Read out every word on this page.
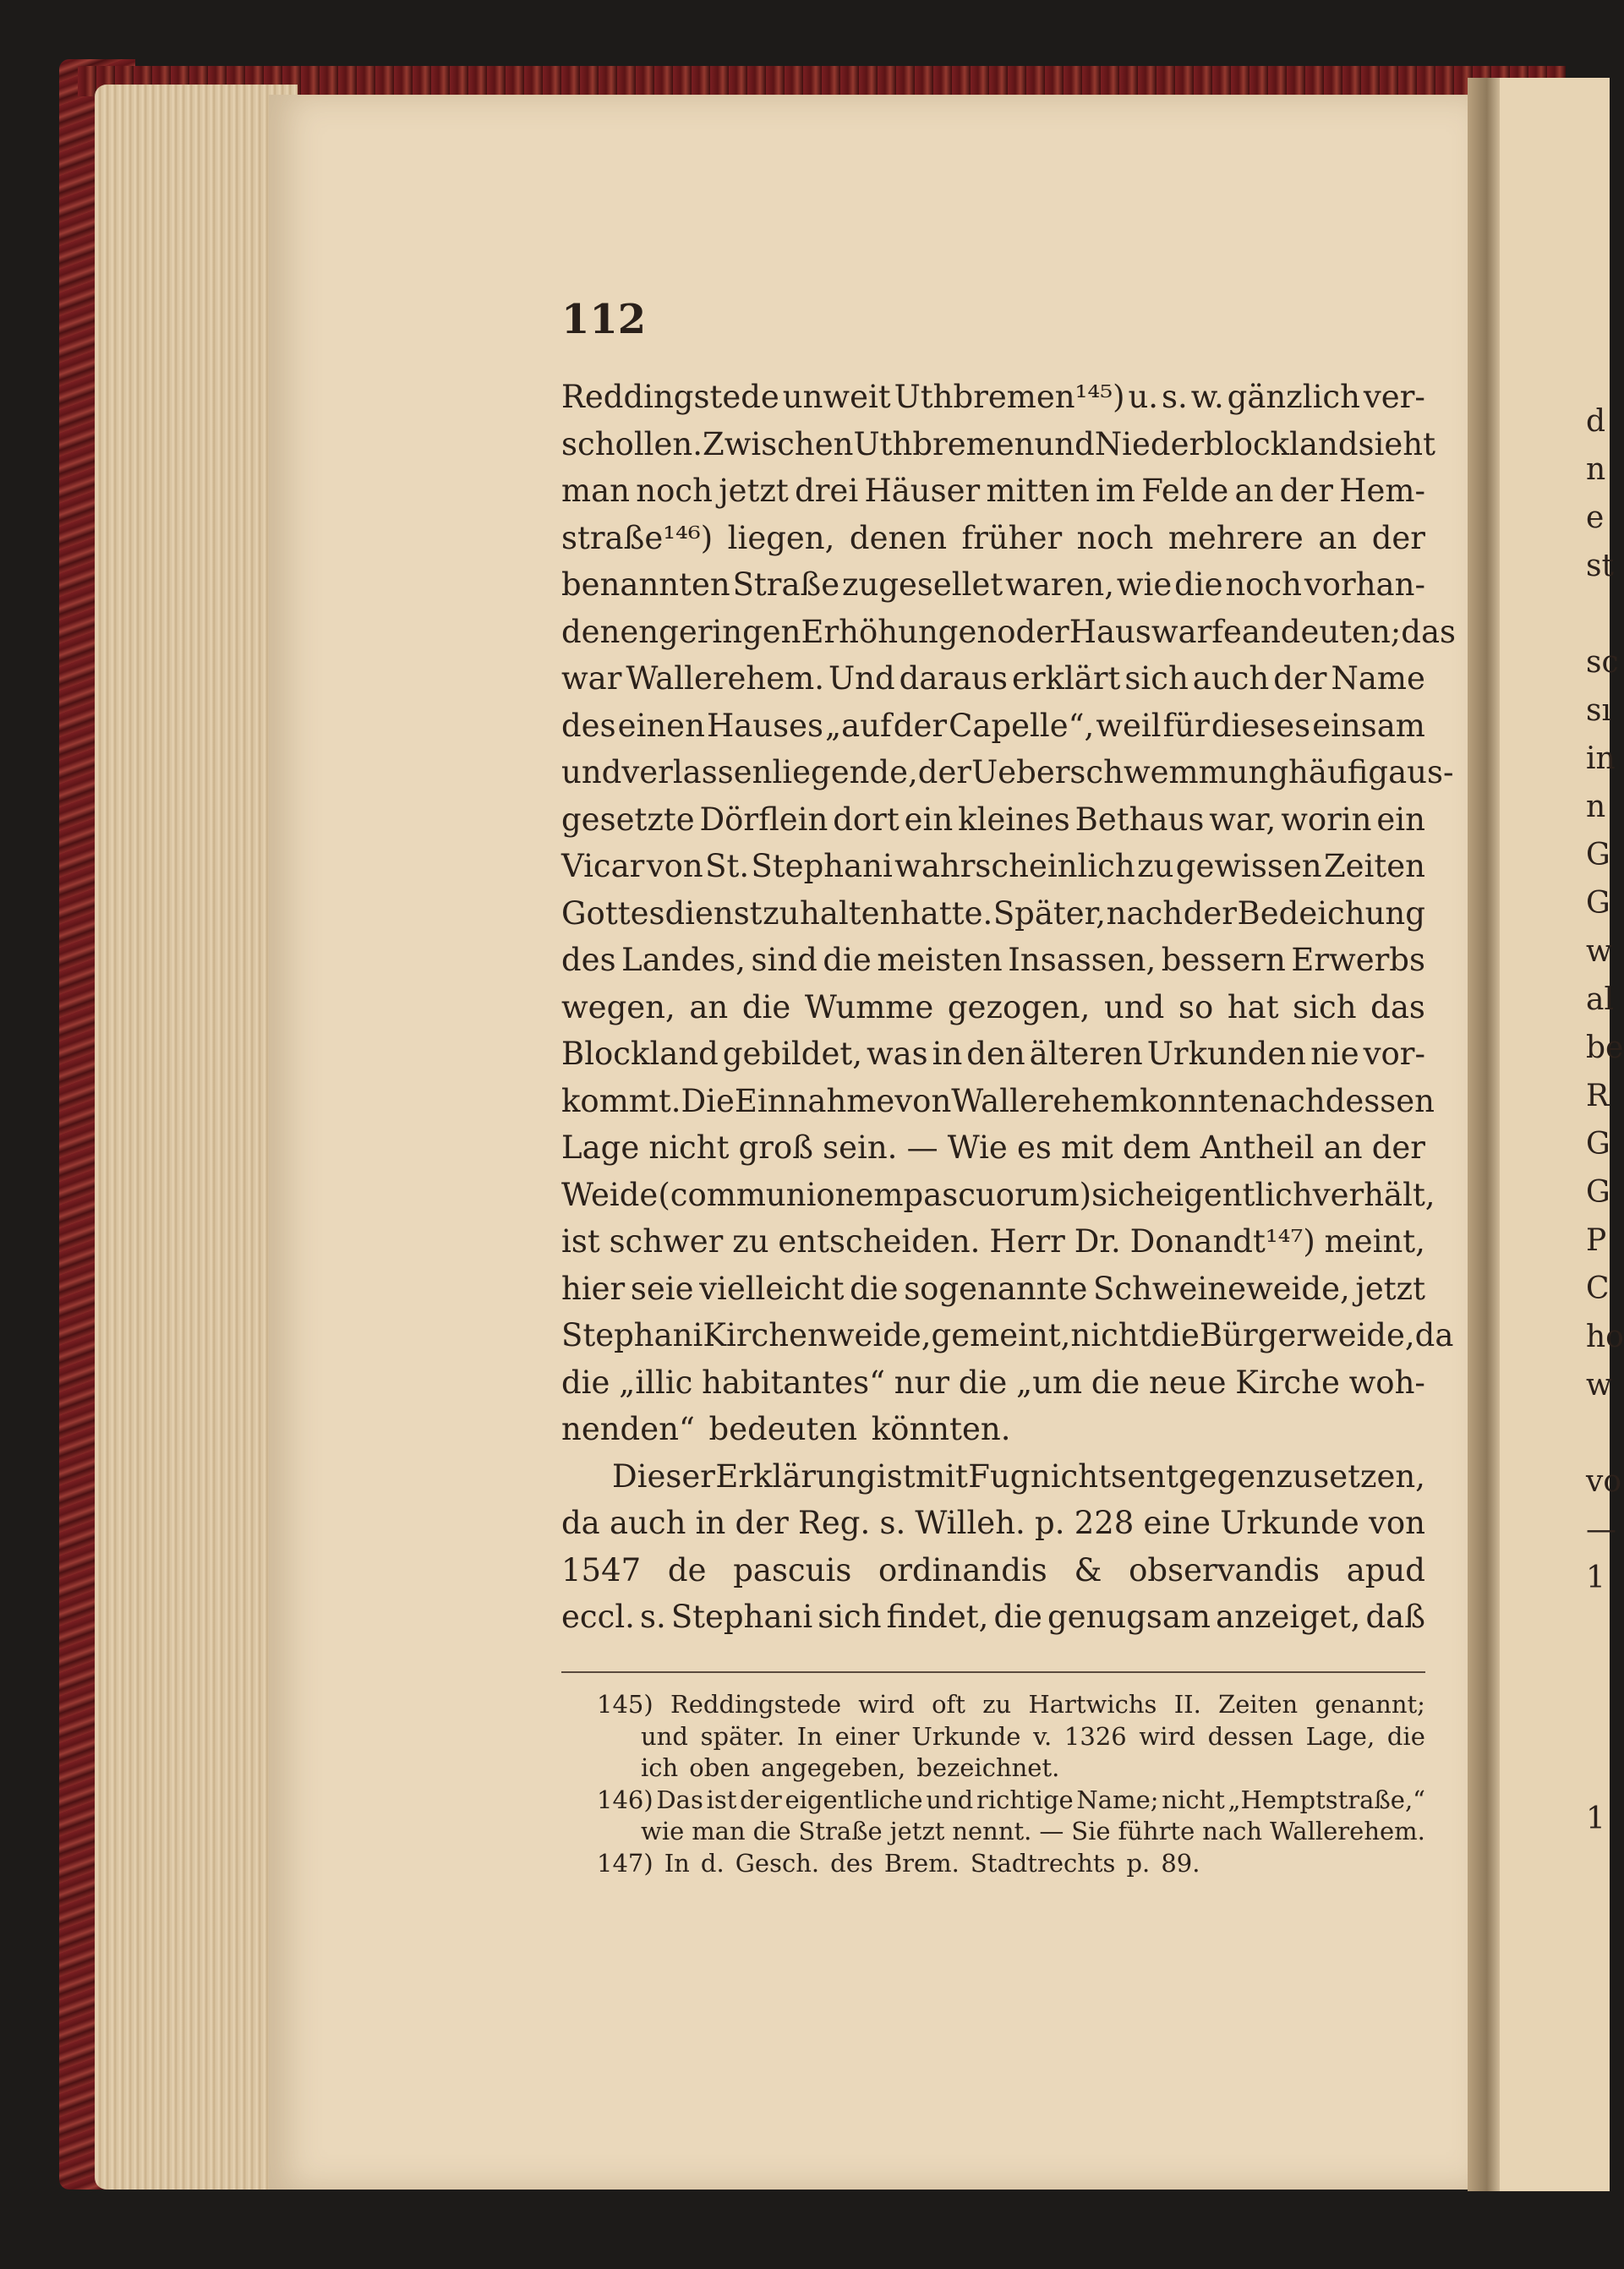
112
Reddingstede unweit Uthbremen¹⁴⁵) u. s. w. gänzlich ver-
schollen. Zwischen Uthbremen und Niederblockland sieht
man noch jetzt drei Häuser mitten im Felde an der Hem-
straße¹⁴⁶) liegen, denen früher noch mehrere an der
benannten Straße zugesellet waren, wie die noch vorhan-
denen geringen Erhöhungen oder Hauswarfe andeuten; das
war Wallerehem. Und daraus erklärt sich auch der Name
des einen Hauses „auf der Capelle“, weil für dieses einsam
und verlassen liegende, der Ueberschwemmung häufig aus-
gesetzte Dörflein dort ein kleines Bethaus war, worin ein
Vicar von St. Stephani wahrscheinlich zu gewissen Zeiten
Gottesdienst zu halten hatte. Später, nach der Bedeichung
des Landes, sind die meisten Insassen, bessern Erwerbs
wegen, an die Wumme gezogen, und so hat sich das
Blockland gebildet, was in den älteren Urkunden nie vor-
kommt. Die Einnahme von Wallerehem konnte nach dessen
Lage nicht groß sein. — Wie es mit dem Antheil an der
Weide (communionem pascuorum) sich eigentlich verhält,
ist schwer zu entscheiden. Herr Dr. Donandt¹⁴⁷) meint,
hier seie vielleicht die sogenannte Schweineweide, jetzt
Stephani Kirchenweide, gemeint, nicht die Bürgerweide, da
die „illic habitantes“ nur die „um die neue Kirche woh-
nenden“ bedeuten könnten.
Dieser Erklärung ist mit Fug nichts entgegen zu setzen,
da auch in der Reg. s. Willeh. p. 228 eine Urkunde von
1547 de pascuis ordinandis & observandis apud
eccl. s. Stephani sich findet, die genugsam anzeiget, daß
145) Reddingstede wird oft zu Hartwichs II. Zeiten genannt;
und später. In einer Urkunde v. 1326 wird dessen Lage, die
ich oben angegeben, bezeichnet.
146) Das ist der eigentliche und richtige Name; nicht „Hemptstraße,“
wie man die Straße jetzt nennt. — Sie führte nach Wallerehem.
147) In d. Gesch. des Brem. Stadtrechts p. 89.
d
n
e
st
sc
sı
in
n
G
G
w
al
be
R
G
G
P
C
ho
w
vo
—
1
1
